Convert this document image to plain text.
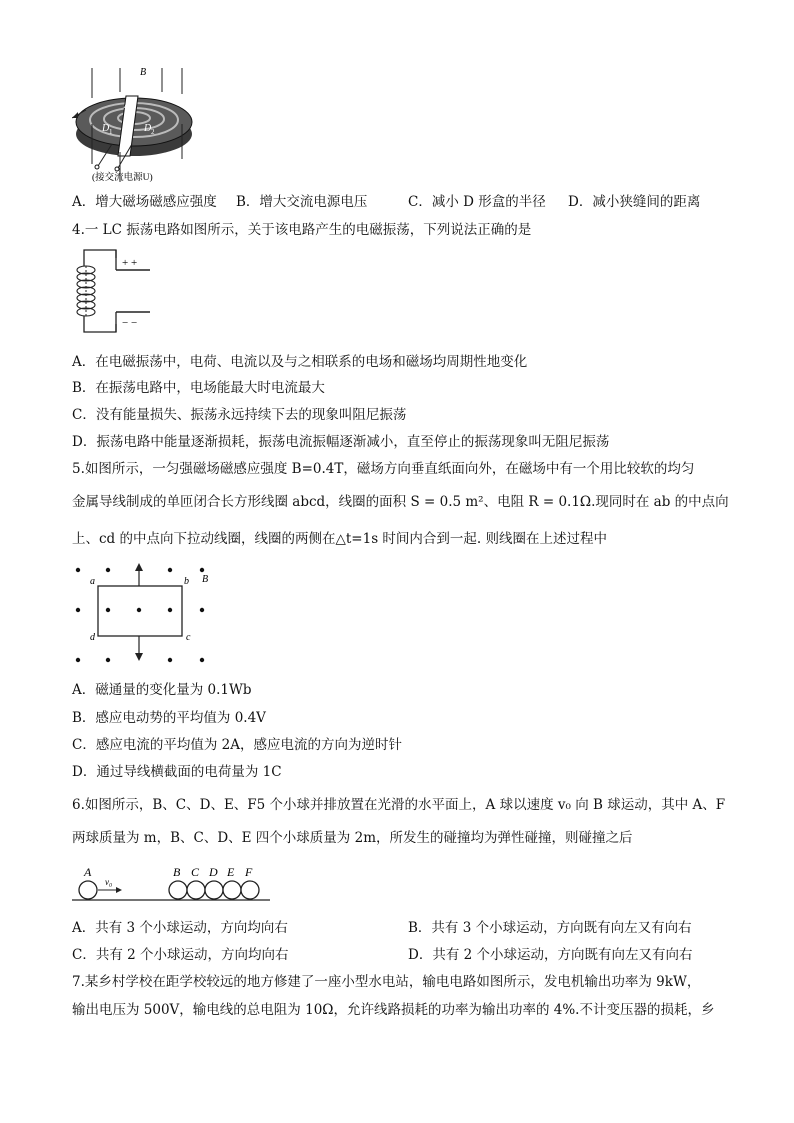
B
A
D 1	D 2
(接交流电源U)
A．增大磁场磁感应强度 B．增大交流电源电压	C．减小 D 形盒的半径 D．减小狭缝间的距离
4.一 LC 振荡电路如图所示，关于该电路产生的电磁振荡，下列说法正确的是
+ +
− −
A．在电磁振荡中，电荷、电流以及与之相联系的电场和磁场均周期性地变化
B．在振荡电路中，电场能最大时电流最大
C．没有能量损失、振荡永远持续下去的现象叫阻尼振荡
D．振荡电路中能量逐渐损耗，振荡电流振幅逐渐减小，直至停止的振荡现象叫无阻尼振荡
5.如图所示，一匀强磁场磁感应强度 B=0.4T，磁场方向垂直纸面向外，在磁场中有一个用比较软的均匀
金属导线制成的单匝闭合长方形线圈 abcd，线圈的面积 S = 0.5 m²、电阻 R = 0.1Ω.现同时在 ab 的中点向
上、cd 的中点向下拉动线圈，线圈的两侧在△t=1s 时间内合到一起. 则线圈在上述过程中
a	b
c
d
B
A．磁通量的变化量为 0.1Wb
B．感应电动势的平均值为 0.4V
C．感应电流的平均值为 2A，感应电流的方向为逆时针
D．通过导线横截面的电荷量为 1C
6.如图所示，B、C、D、E、F5 个小球并排放置在光滑的水平面上，A 球以速度 v₀ 向 B 球运动，其中 A、F
两球质量为 m，B、C、D、E 四个小球质量为 2m，所发生的碰撞均为弹性碰撞，则碰撞之后
A
v₀
B C D E F
A．共有 3 个小球运动，方向均向右	B．共有 3 个小球运动，方向既有向左又有向右
C．共有 2 个小球运动，方向均向右	D．共有 2 个小球运动，方向既有向左又有向右
7.某乡村学校在距学校较远的地方修建了一座小型水电站，输电电路如图所示，发电机输出功率为 9kW，
输出电压为 500V，输电线的总电阻为 10Ω，允许线路损耗的功率为输出功率的 4%.不计变压器的损耗，乡
